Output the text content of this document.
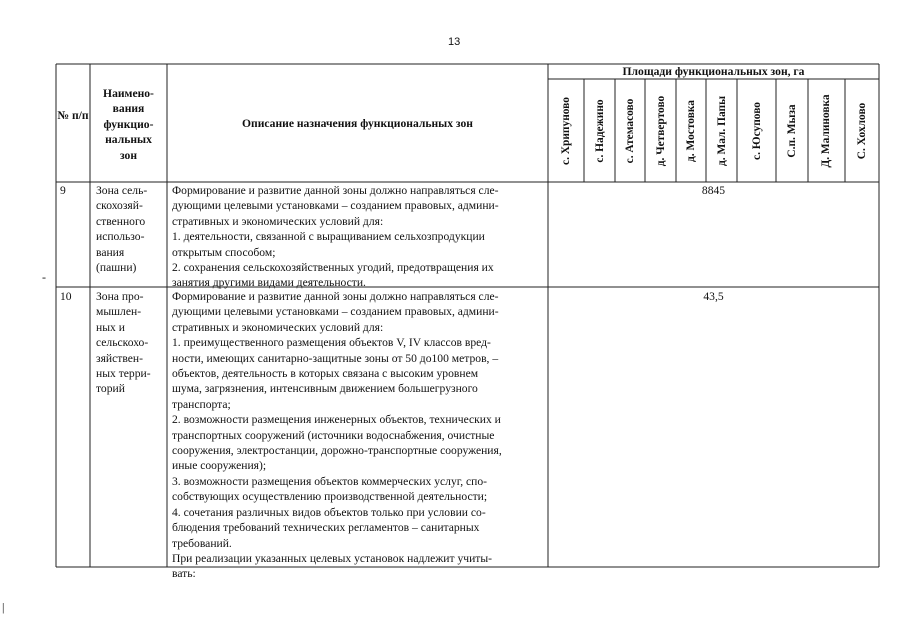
13
-
|
№ п/п
Наимено-
вания
функцио-
нальных
зон
Описание назначения функциональных зон
Площади функциональных зон, га
с. Хрипуново с. Надежино с. Атемасово д. Четвертово д. Мостовка д. Мал. Папы с. Юсупово С.п. Мыза Д. Малиновка С. Хохлово
9	Зона сель-
скохозяй-
ственного
использо-
вания
(пашни)
Формирование и развитие данной зоны должно направляться сле-
дующими целевыми установками – созданием правовых, админи-
стративных и экономических условий для:
1. деятельности, связанной с выращиванием сельхозпродукции
открытым способом;
2. сохранения сельскохозяйственных угодий, предотвращения их
занятия другими видами деятельности.
8845
10 Зона про-
мышлен-
ных и
сельскохо-
зяйствен-
ных терри-
торий
Формирование и развитие данной зоны должно направляться сле-
дующими целевыми установками – созданием правовых, админи-
стративных и экономических условий для:
1. преимущественного размещения объектов V, IV классов вред-
ности, имеющих санитарно-защитные зоны от 50 до100 метров, –
объектов, деятельность в которых связана с высоким уровнем
шума, загрязнения, интенсивным движением большегрузного
транспорта;
2. возможности размещения инженерных объектов, технических и
транспортных сооружений (источники водоснабжения, очистные
сооружения, электростанции, дорожно-транспортные сооружения,
иные сооружения);
3. возможности размещения объектов коммерческих услуг, спо-
собствующих осуществлению производственной деятельности;
4. сочетания различных видов объектов только при условии со-
блюдения требований технических регламентов – санитарных
требований.
При реализации указанных целевых установок надлежит учиты-
вать:
43,5
